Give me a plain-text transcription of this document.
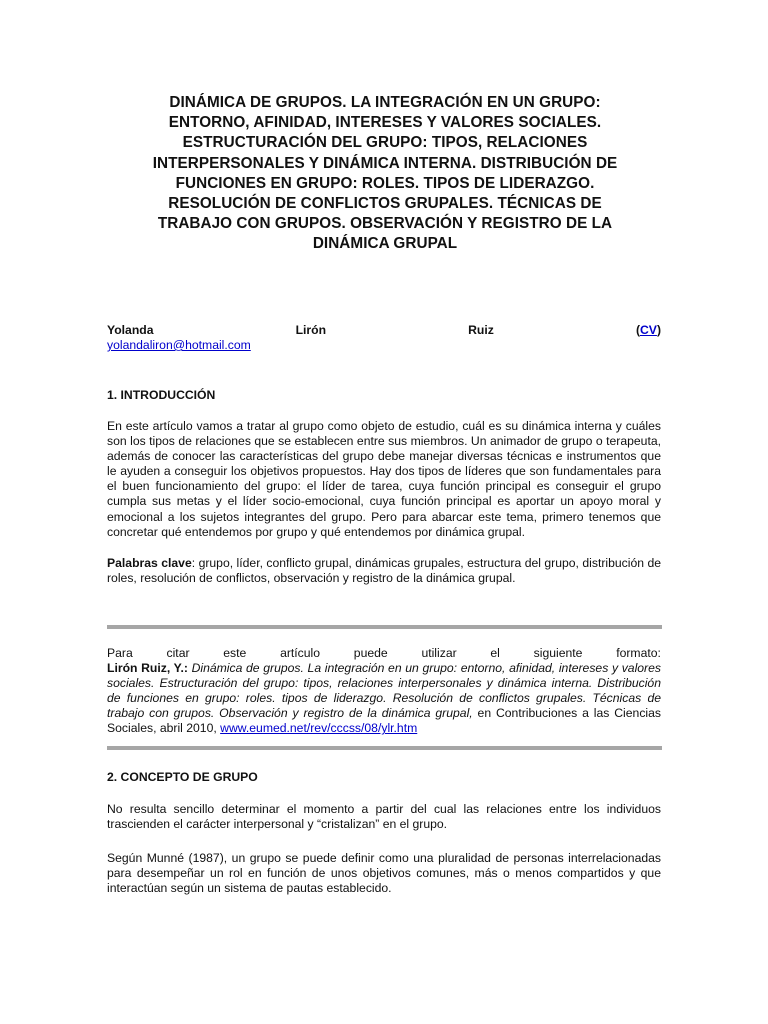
DINÁMICA DE GRUPOS. LA INTEGRACIÓN EN UN GRUPO:
ENTORNO, AFINIDAD, INTERESES Y VALORES SOCIALES.
ESTRUCTURACIÓN DEL GRUPO: TIPOS, RELACIONES
INTERPERSONALES Y DINÁMICA INTERNA. DISTRIBUCIÓN DE
FUNCIONES EN GRUPO: ROLES. TIPOS DE LIDERAZGO.
RESOLUCIÓN DE CONFLICTOS GRUPALES. TÉCNICAS DE
TRABAJO CON GRUPOS. OBSERVACIÓN Y REGISTRO DE LA
DINÁMICA GRUPAL
Yolanda	Lirón	Ruiz	(CV)
yolandaliron@hotmail.com
1. INTRODUCCIÓN
En este artículo vamos a tratar al grupo como objeto de estudio, cuál es su dinámica interna y cuáles son los tipos de relaciones que se establecen entre sus miembros. Un animador de grupo o terapeuta, además de conocer las características del grupo debe manejar diversas técnicas e instrumentos que le ayuden a conseguir los objetivos propuestos. Hay dos tipos de líderes que son fundamentales para el buen funcionamiento del grupo: el líder de tarea, cuya función principal es conseguir el grupo cumpla sus metas y el líder socio-emocional, cuya función principal es aportar un apoyo moral y emocional a los sujetos integrantes del grupo. Pero para abarcar este tema, primero tenemos que concretar qué entendemos por grupo y qué entendemos por dinámica grupal.
Palabras clave: grupo, líder, conflicto grupal, dinámicas grupales, estructura del grupo, distribución de roles, resolución de conflictos, observación y registro de la dinámica grupal.
Para	citar	este	artículo	puede	utilizar	el	siguiente	formato:
Lirón Ruiz, Y.: Dinámica de grupos. La integración en un grupo: entorno, afinidad, intereses y valores sociales. Estructuración del grupo: tipos, relaciones interpersonales y dinámica interna. Distribución de funciones en grupo: roles. tipos de liderazgo. Resolución de conflictos grupales. Técnicas de trabajo con grupos. Observación y registro de la dinámica grupal, en Contribuciones a las Ciencias Sociales, abril 2010, www.eumed.net/rev/cccss/08/ylr.htm
2. CONCEPTO DE GRUPO
No resulta sencillo determinar el momento a partir del cual las relaciones entre los individuos trascienden el carácter interpersonal y “cristalizan” en el grupo.
Según Munné (1987), un grupo se puede definir como una pluralidad de personas interrelacionadas para desempeñar un rol en función de unos objetivos comunes, más o menos compartidos y que interactúan según un sistema de pautas establecido.
